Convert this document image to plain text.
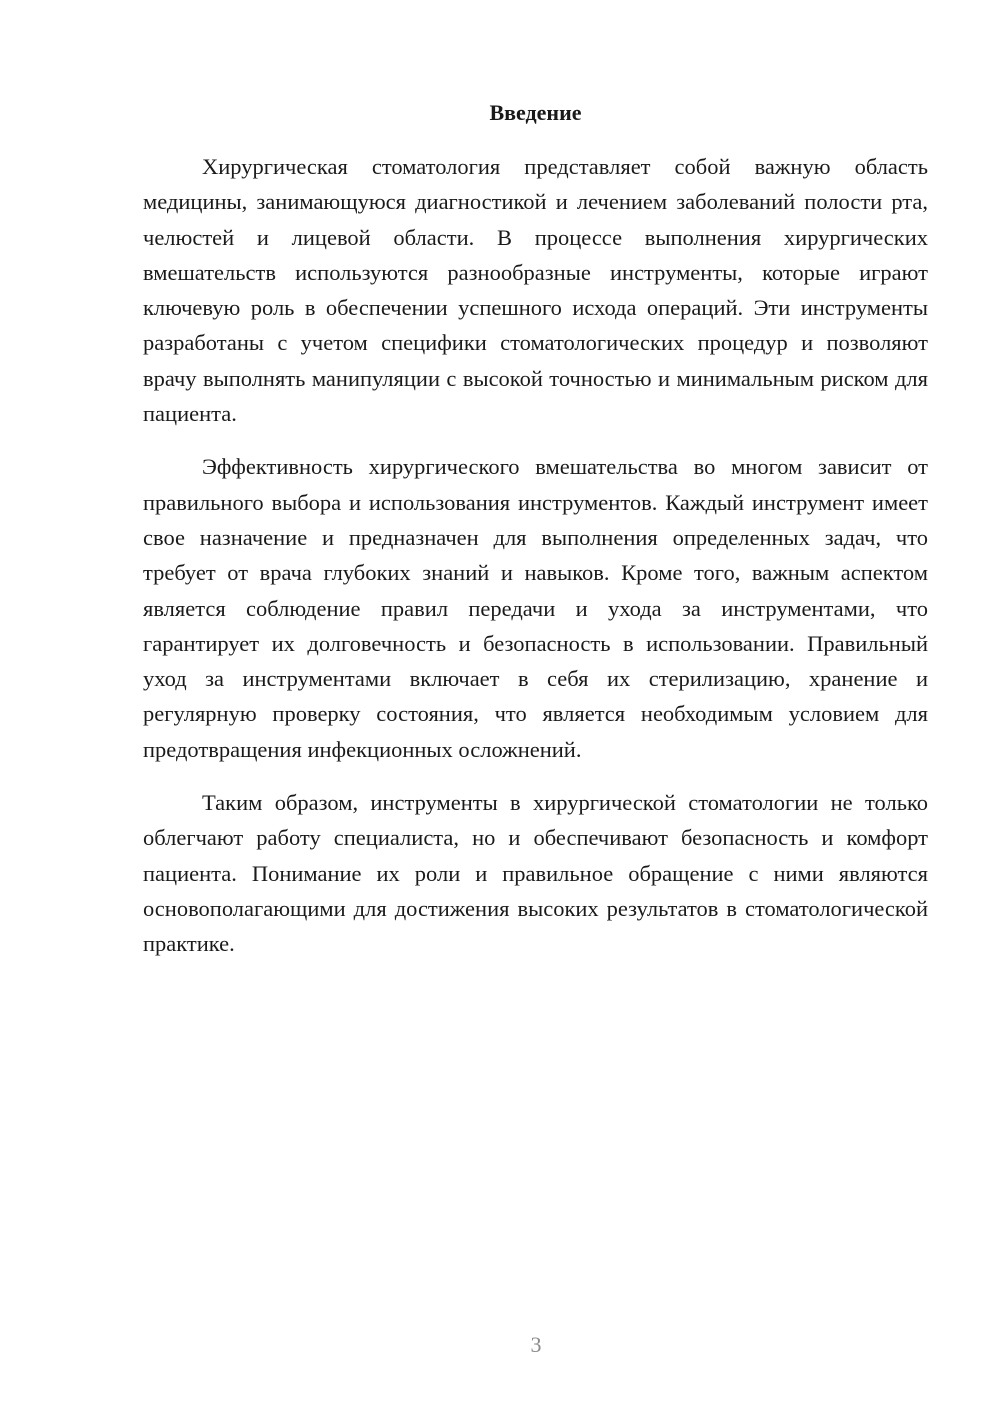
Введение

Хирургическая стоматология представляет собой важную область медицины, занимающуюся диагностикой и лечением заболеваний полости рта, челюстей и лицевой области. В процессе выполнения хирургических вмешательств используются разнообразные инструменты, которые играют ключевую роль в обеспечении успешного исхода операций. Эти инструменты разработаны с учетом специфики стоматологических процедур и позволяют врачу выполнять манипуляции с высокой точностью и минимальным риском для пациента.

Эффективность хирургического вмешательства во многом зависит от правильного выбора и использования инструментов. Каждый инструмент имеет свое назначение и предназначен для выполнения определенных задач, что требует от врача глубоких знаний и навыков. Кроме того, важным аспектом является соблюдение правил передачи и ухода за инструментами, что гарантирует их долговечность и безопасность в использовании. Правильный уход за инструментами включает в себя их стерилизацию, хранение и регулярную проверку состояния, что является необходимым условием для предотвращения инфекционных осложнений.

Таким образом, инструменты в хирургической стоматологии не только облегчают работу специалиста, но и обеспечивают безопасность и комфорт пациента. Понимание их роли и правильное обращение с ними являются основополагающими для достижения высоких результатов в стоматологической практике.

3
